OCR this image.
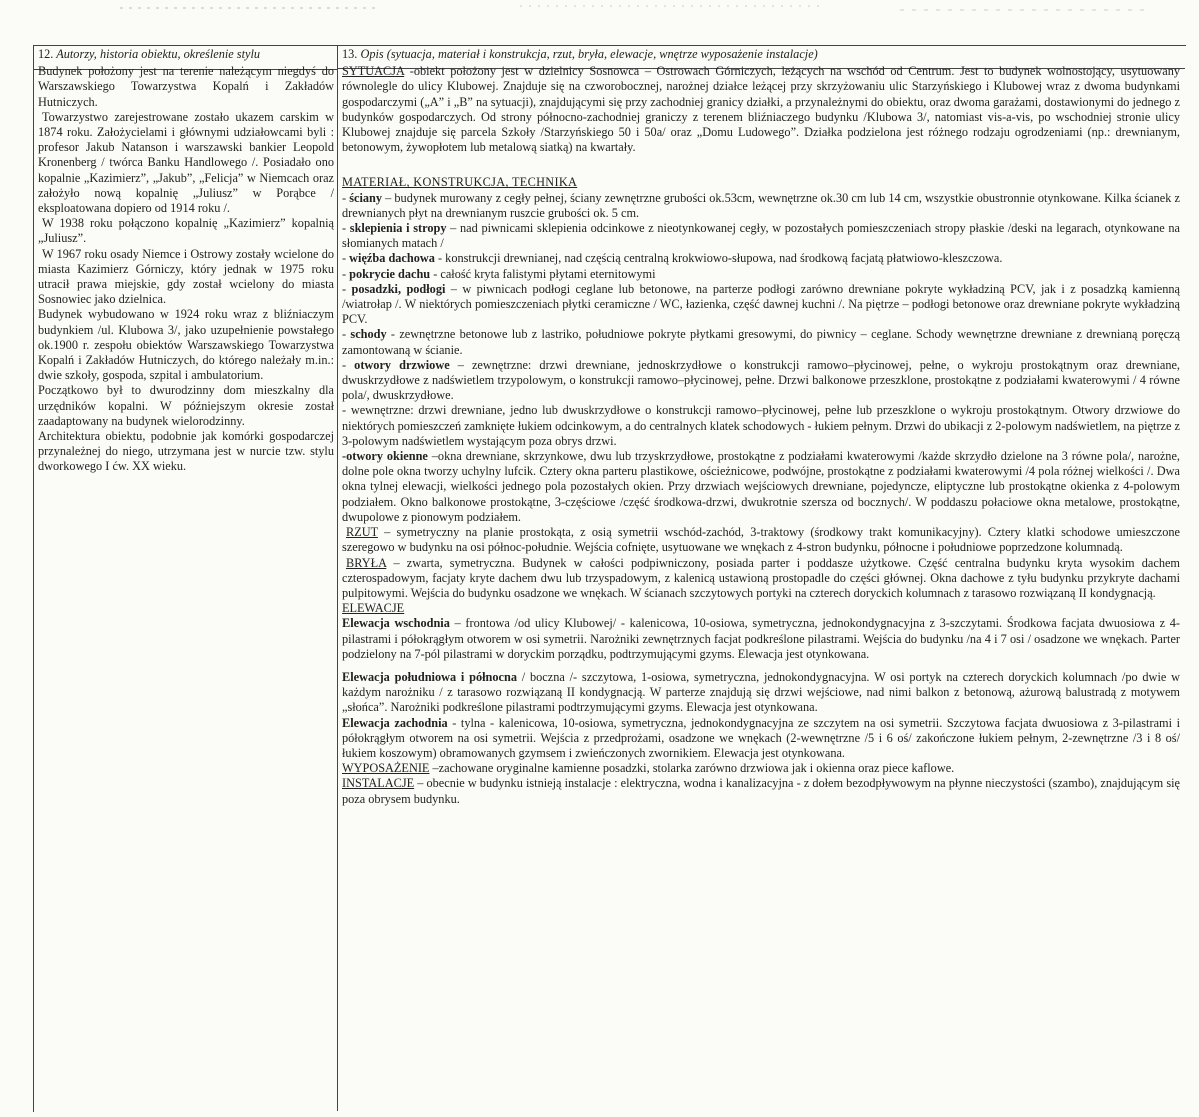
12. Autorzy, historia obiektu, określenie stylu

Budynek położony jest na terenie należącym niegdyś do Warszawskiego Towarzystwa Kopalń i Zakładów Hutniczych.

Towarzystwo zarejestrowane zostało ukazem carskim w 1874 roku. Założycielami i głównymi udziałowcami byli : profesor Jakub Natanson i warszawski bankier Leopold Kronenberg / twórca Banku Handlowego /. Posiadało ono kopalnie „Kazimierz”, „Jakub”, „Felicja” w Niemcach oraz założyło nową kopalnię „Juliusz” w Porąbce / eksploatowana dopiero od 1914 roku /.

W 1938 roku połączono kopalnię „Kazimierz” kopalnią „Juliusz”.

W 1967 roku osady Niemce i Ostrowy zostały wcielone do miasta Kazimierz Górniczy, który jednak w 1975 roku utracił prawa miejskie, gdy został wcielony do miasta Sosnowiec jako dzielnica.

Budynek wybudowano w 1924 roku wraz z bliźniaczym budynkiem /ul. Klubowa 3/, jako uzupełnienie powstałego ok.1900 r. zespołu obiektów Warszawskiego Towarzystwa Kopalń i Zakładów Hutniczych, do którego należały m.in.: dwie szkoły, gospoda, szpital i ambulatorium.

Początkowo był to dwurodzinny dom mieszkalny dla urzędników kopalni. W późniejszym okresie został zaadaptowany na budynek wielorodzinny.

Architektura obiektu, podobnie jak komórki gospodarczej przynależnej do niego, utrzymana jest w nurcie tzw. stylu dworkowego I ćw. XX wieku.

13. Opis (sytuacja, materiał i konstrukcja, rzut, bryła, elewacje, wnętrze wyposażenie instalacje)

SYTUACJA -obiekt położony jest w dzielnicy Sosnowca – Ostrowach Górniczych, leżących na wschód od Centrum. Jest to budynek wolnostojący, usytuowany równolegle do ulicy Klubowej. Znajduje się na czworobocznej, narożnej działce leżącej przy skrzyżowaniu ulic Starzyńskiego i Klubowej wraz z dwoma budynkami gospodarczymi („A” i „B” na sytuacji), znajdującymi się przy zachodniej granicy działki, a przynależnymi do obiektu, oraz dwoma garażami, dostawionymi do jednego z budynków gospodarczych. Od strony północno-zachodniej graniczy z terenem bliźniaczego budynku /Klubowa 3/, natomiast vis-a-vis, po wschodniej stronie ulicy Klubowej znajduje się parcela Szkoły /Starzyńskiego 50 i 50a/ oraz „Domu Ludowego”. Działka podzielona jest różnego rodzaju ogrodzeniami (np.: drewnianym, betonowym, żywopłotem lub metalową siatką) na kwartały.

MATERIAŁ, KONSTRUKCJA, TECHNIKA

- ściany – budynek murowany z cegły pełnej, ściany zewnętrzne grubości ok.53cm, wewnętrzne ok.30 cm lub 14 cm, wszystkie obustronnie otynkowane. Kilka ścianek z drewnianych płyt na drewnianym ruszcie grubości ok. 5 cm.

- sklepienia i stropy – nad piwnicami sklepienia odcinkowe z nieotynkowanej cegły, w pozostałych pomieszczeniach stropy płaskie /deski na legarach, otynkowane na słomianych matach /

- więźba dachowa - konstrukcji drewnianej, nad częścią centralną krokwiowo-słupowa, nad środkową facjatą płatwiowo-kleszczowa.

- pokrycie dachu - całość kryta falistymi płytami eternitowymi

- posadzki, podłogi – w piwnicach podłogi ceglane lub betonowe, na parterze podłogi zarówno drewniane pokryte wykładziną PCV, jak i z posadzką kamienną /wiatrołap /. W niektórych pomieszczeniach płytki ceramiczne / WC, łazienka, część dawnej kuchni /. Na piętrze – podłogi betonowe oraz drewniane pokryte wykładziną PCV.

- schody - zewnętrzne betonowe lub z lastriko, południowe pokryte płytkami gresowymi, do piwnicy – ceglane. Schody wewnętrzne drewniane z drewnianą poręczą zamontowaną w ścianie.

- otwory drzwiowe – zewnętrzne: drzwi drewniane, jednoskrzydłowe o konstrukcji ramowo–płycinowej, pełne, o wykroju prostokątnym oraz drewniane, dwuskrzydłowe z nadświetlem trzypolowym, o konstrukcji ramowo–płycinowej, pełne. Drzwi balkonowe przeszklone, prostokątne z podziałami kwaterowymi / 4 równe pola/, dwuskrzydłowe.

- wewnętrzne: drzwi drewniane, jedno lub dwuskrzydłowe o konstrukcji ramowo–płycinowej, pełne lub przeszklone o wykroju prostokątnym. Otwory drzwiowe do niektórych pomieszczeń zamknięte łukiem odcinkowym, a do centralnych klatek schodowych - łukiem pełnym. Drzwi do ubikacji z 2-polowym nadświetlem, na piętrze z 3-polowym nadświetlem wystającym poza obrys drzwi.

-otwory okienne –okna drewniane, skrzynkowe, dwu lub trzyskrzydłowe, prostokątne z podziałami kwaterowymi /każde skrzydło dzielone na 3 równe pola/, narożne, dolne pole okna tworzy uchylny lufcik. Cztery okna parteru plastikowe, ościeżnicowe, podwójne, prostokątne z podziałami kwaterowymi /4 pola różnej wielkości /. Dwa okna tylnej elewacji, wielkości jednego pola pozostałych okien. Przy drzwiach wejściowych drewniane, pojedyncze, eliptyczne lub prostokątne okienka z 4-polowym podziałem. Okno balkonowe prostokątne, 3-częściowe /część środkowa-drzwi, dwukrotnie szersza od bocznych/. W poddaszu połaciowe okna metalowe, prostokątne, dwupolowe z pionowym podziałem.

RZUT – symetryczny na planie prostokąta, z osią symetrii wschód-zachód, 3-traktowy (środkowy trakt komunikacyjny). Cztery klatki schodowe umieszczone szeregowo w budynku na osi północ-południe. Wejścia cofnięte, usytuowane we wnękach z 4-stron budynku, północne i południowe poprzedzone kolumnadą.

BRYŁA – zwarta, symetryczna. Budynek w całości podpiwniczony, posiada parter i poddasze użytkowe. Część centralna budynku kryta wysokim dachem czterospadowym, facjaty kryte dachem dwu lub trzyspadowym, z kalenicą ustawioną prostopadle do części głównej. Okna dachowe z tyłu budynku przykryte dachami pulpitowymi. Wejścia do budynku osadzone we wnękach. W ścianach szczytowych portyki na czterech doryckich kolumnach z tarasowo rozwiązaną II kondygnacją.

ELEWACJE

Elewacja wschodnia – frontowa /od ulicy Klubowej/ - kalenicowa, 10-osiowa, symetryczna, jednokondygnacyjna z 3-szczytami. Środkowa facjata dwuosiowa z 4-pilastrami i półokrągłym otworem w osi symetrii. Narożniki zewnętrznych facjat podkreślone pilastrami. Wejścia do budynku /na 4 i 7 osi / osadzone we wnękach. Parter podzielony na 7-pól pilastrami w doryckim porządku, podtrzymującymi gzyms. Elewacja jest otynkowana.

Elewacja południowa i północna / boczna /- szczytowa, 1-osiowa, symetryczna, jednokondygnacyjna. W osi portyk na czterech doryckich kolumnach /po dwie w każdym narożniku / z tarasowo rozwiązaną II kondygnacją. W parterze znajdują się drzwi wejściowe, nad nimi balkon z betonową, ażurową balustradą z motywem „słońca”. Narożniki podkreślone pilastrami podtrzymującymi gzyms. Elewacja jest otynkowana.

Elewacja zachodnia - tylna - kalenicowa, 10-osiowa, symetryczna, jednokondygnacyjna ze szczytem na osi symetrii. Szczytowa facjata dwuosiowa z 3-pilastrami i półokrągłym otworem na osi symetrii. Wejścia z przedprożami, osadzone we wnękach (2-wewnętrzne /5 i 6 oś/ zakończone łukiem pełnym, 2-zewnętrzne /3 i 8 oś/ łukiem koszowym) obramowanych gzymsem i zwieńczonych zwornikiem. Elewacja jest otynkowana.

WYPOSAŻENIE –zachowane oryginalne kamienne posadzki, stolarka zarówno drzwiowa jak i okienna oraz piece kaflowe.

INSTALACJE – obecnie w budynku istnieją instalacje : elektryczna, wodna i kanalizacyjna - z dołem bezodpływowym na płynne nieczystości (szambo), znajdującym się poza obrysem budynku.
